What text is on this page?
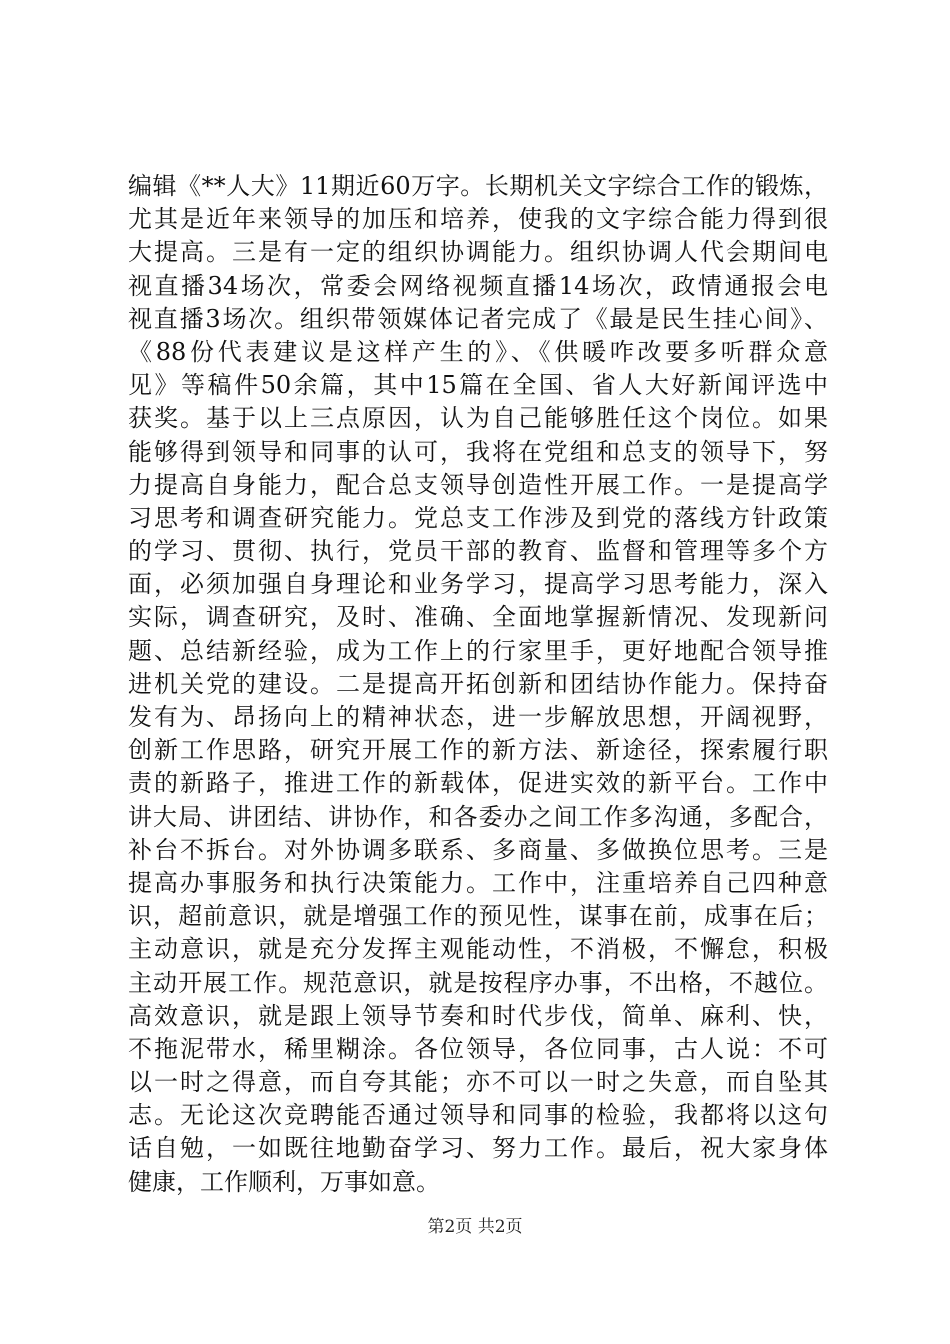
编辑《**人大》11期近60万字。长期机关文字综合工作的锻炼，
尤其是近年来领导的加压和培养，使我的文字综合能力得到很
大提高。三是有一定的组织协调能力。组织协调人代会期间电
视直播34场次，常委会网络视频直播14场次，政情通报会电
视直播3场次。组织带领媒体记者完成了《最是民生挂心间》、
《88份代表建议是这样产生的》、《供暖咋改要多听群众意
见》等稿件50余篇，其中15篇在全国、省人大好新闻评选中
获奖。基于以上三点原因，认为自己能够胜任这个岗位。如果
能够得到领导和同事的认可，我将在党组和总支的领导下，努
力提高自身能力，配合总支领导创造性开展工作。一是提高学
习思考和调查研究能力。党总支工作涉及到党的落线方针政策
的学习、贯彻、执行，党员干部的教育、监督和管理等多个方
面，必须加强自身理论和业务学习，提高学习思考能力，深入
实际，调查研究，及时、准确、全面地掌握新情况、发现新问
题、总结新经验，成为工作上的行家里手，更好地配合领导推
进机关党的建设。二是提高开拓创新和团结协作能力。保持奋
发有为、昂扬向上的精神状态，进一步解放思想，开阔视野，
创新工作思路，研究开展工作的新方法、新途径，探索履行职
责的新路子，推进工作的新载体，促进实效的新平台。工作中
讲大局、讲团结、讲协作，和各委办之间工作多沟通，多配合，
补台不拆台。对外协调多联系、多商量、多做换位思考。三是
提高办事服务和执行决策能力。工作中，注重培养自己四种意
识，超前意识，就是增强工作的预见性，谋事在前，成事在后；
主动意识，就是充分发挥主观能动性，不消极，不懈怠，积极
主动开展工作。规范意识，就是按程序办事，不出格，不越位。
高效意识，就是跟上领导节奏和时代步伐，简单、麻利、快，
不拖泥带水，稀里糊涂。各位领导，各位同事，古人说：不可
以一时之得意，而自夸其能；亦不可以一时之失意，而自坠其
志。无论这次竞聘能否通过领导和同事的检验，我都将以这句
话自勉，一如既往地勤奋学习、努力工作。最后，祝大家身体
健康，工作顺利，万事如意。
第2页 共2页
